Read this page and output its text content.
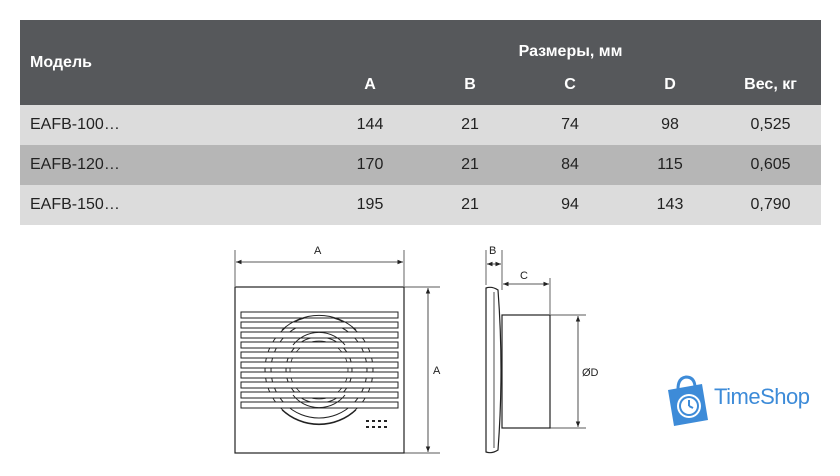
Модель	Размеры, мм				
	A	B	C	D	Вес, кг
EAFB-100…	144	21	74	98	0,525
EAFB-120…	170	21	84	115	0,605
EAFB-150…	195	21	94	143	0,790
A
A
B
C
ØD
TimeShop
